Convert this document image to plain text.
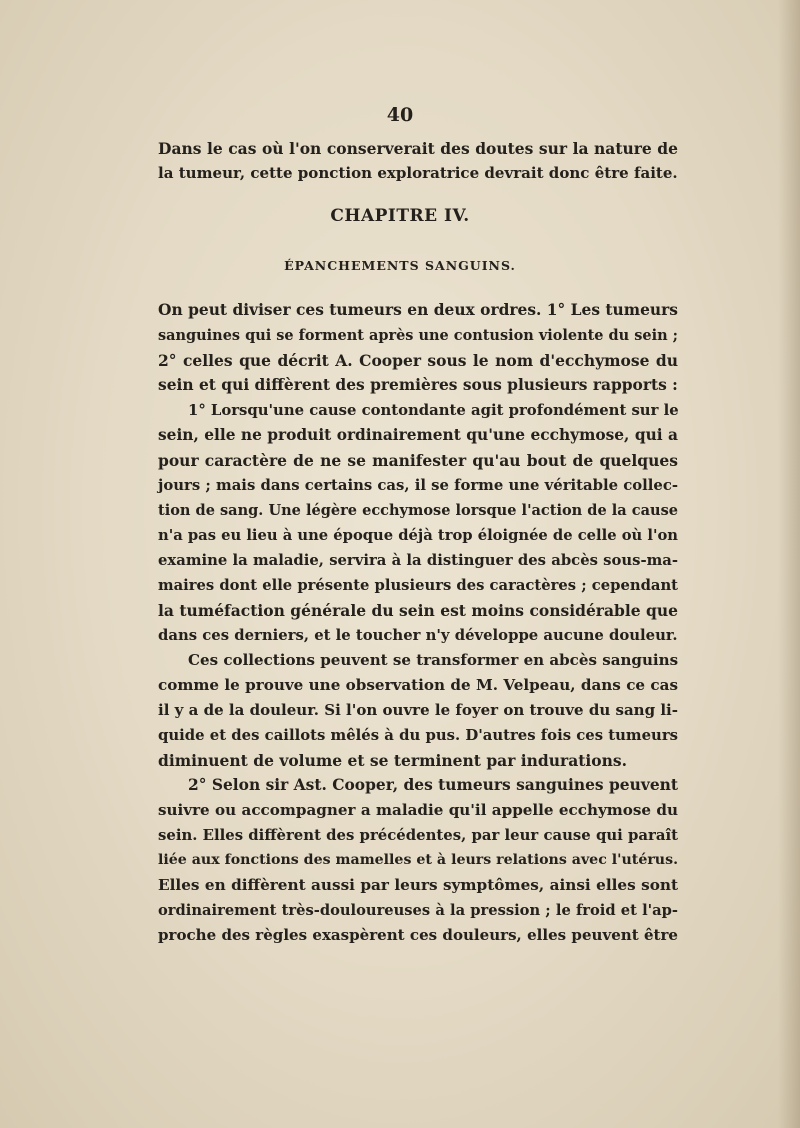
40
Dans le cas où l'on conserverait des doutes sur la nature de
la tumeur, cette ponction exploratrice devrait donc être faite.
CHAPITRE IV.
ÉPANCHEMENTS SANGUINS.
On peut diviser ces tumeurs en deux ordres. 1° Les tumeurs
sanguines qui se forment après une contusion violente du sein ;
2° celles que décrit A. Cooper sous le nom d'ecchymose du
sein et qui diffèrent des premières sous plusieurs rapports :
1° Lorsqu'une cause contondante agit profondément sur le
sein, elle ne produit ordinairement qu'une ecchymose, qui a
pour caractère de ne se manifester qu'au bout de quelques
jours ; mais dans certains cas, il se forme une véritable collec-
tion de sang. Une légère ecchymose lorsque l'action de la cause
n'a pas eu lieu à une époque déjà trop éloignée de celle où l'on
examine la maladie, servira à la distinguer des abcès sous-ma-
maires dont elle présente plusieurs des caractères ; cependant
la tuméfaction générale du sein est moins considérable que
dans ces derniers, et le toucher n'y développe aucune douleur.
Ces collections peuvent se transformer en abcès sanguins
comme le prouve une observation de M. Velpeau, dans ce cas
il y a de la douleur. Si l'on ouvre le foyer on trouve du sang li-
quide et des caillots mêlés à du pus. D'autres fois ces tumeurs
diminuent de volume et se terminent par indurations.
2° Selon sir Ast. Cooper, des tumeurs sanguines peuvent
suivre ou accompagner a maladie qu'il appelle ecchymose du
sein. Elles diffèrent des précédentes, par leur cause qui paraît
liée aux fonctions des mamelles et à leurs relations avec l'utérus.
Elles en diffèrent aussi par leurs symptômes, ainsi elles sont
ordinairement très-douloureuses à la pression ; le froid et l'ap-
proche des règles exaspèrent ces douleurs, elles peuvent être
